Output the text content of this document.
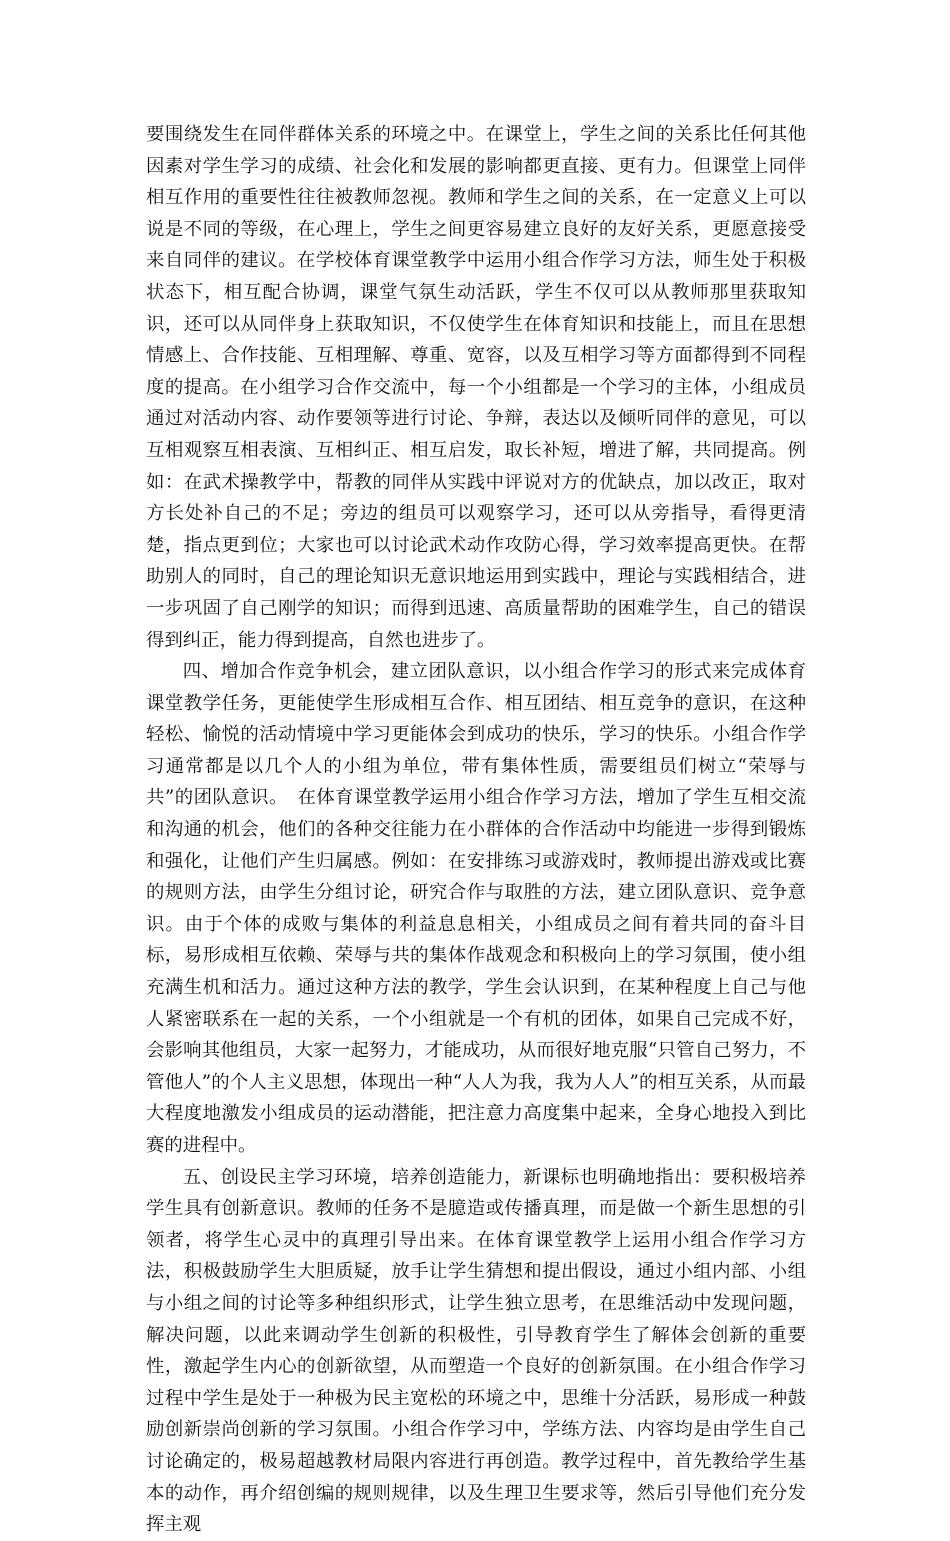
要围绕发生在同伴群体关系的环境之中。在课堂上，学生之间的关系比任何其他因素对学生学习的成绩、社会化和发展的影响都更直接、更有力。但课堂上同伴相互作用的重要性往往被教师忽视。教师和学生之间的关系，在一定意义上可以说是不同的等级，在心理上，学生之间更容易建立良好的友好关系，更愿意接受来自同伴的建议。在学校体育课堂教学中运用小组合作学习方法，师生处于积极状态下，相互配合协调，课堂气氛生动活跃，学生不仅可以从教师那里获取知识，还可以从同伴身上获取知识，不仅使学生在体育知识和技能上，而且在思想情感上、合作技能、互相理解、尊重、宽容，以及互相学习等方面都得到不同程度的提高。在小组学习合作交流中，每一个小组都是一个学习的主体，小组成员通过对活动内容、动作要领等进行讨论、争辩，表达以及倾听同伴的意见，可以互相观察互相表演、互相纠正、相互启发，取长补短，增进了解，共同提高。例如：在武术操教学中，帮教的同伴从实践中评说对方的优缺点，加以改正，取对方长处补自己的不足；旁边的组员可以观察学习，还可以从旁指导，看得更清楚，指点更到位；大家也可以讨论武术动作攻防心得，学习效率提高更快。在帮助别人的同时，自己的理论知识无意识地运用到实践中，理论与实践相结合，进一步巩固了自己刚学的知识；而得到迅速、高质量帮助的困难学生，自己的错误得到纠正，能力得到提高，自然也进步了。

四、增加合作竞争机会，建立团队意识，以小组合作学习的形式来完成体育课堂教学任务，更能使学生形成相互合作、相互团结、相互竞争的意识，在这种轻松、愉悦的活动情境中学习更能体会到成功的快乐，学习的快乐。小组合作学习通常都是以几个人的小组为单位，带有集体性质，需要组员们树立“荣辱与共”的团队意识。　在体育课堂教学运用小组合作学习方法，增加了学生互相交流和沟通的机会，他们的各种交往能力在小群体的合作活动中均能进一步得到锻炼和强化，让他们产生归属感。例如：在安排练习或游戏时，教师提出游戏或比赛的规则方法，由学生分组讨论，研究合作与取胜的方法，建立团队意识、竞争意识。由于个体的成败与集体的利益息息相关，小组成员之间有着共同的奋斗目标，易形成相互依赖、荣辱与共的集体作战观念和积极向上的学习氛围，使小组充满生机和活力。通过这种方法的教学，学生会认识到，在某种程度上自己与他人紧密联系在一起的关系，一个小组就是一个有机的团体，如果自己完成不好，会影响其他组员，大家一起努力，才能成功，从而很好地克服“只管自己努力，不管他人”的个人主义思想，体现出一种“人人为我，我为人人”的相互关系，从而最大程度地激发小组成员的运动潜能，把注意力高度集中起来，全身心地投入到比赛的进程中。

五、创设民主学习环境，培养创造能力，新课标也明确地指出：要积极培养学生具有创新意识。教师的任务不是臆造或传播真理，而是做一个新生思想的引领者，将学生心灵中的真理引导出来。在体育课堂教学上运用小组合作学习方法，积极鼓励学生大胆质疑，放手让学生猜想和提出假设，通过小组内部、小组与小组之间的讨论等多种组织形式，让学生独立思考，在思维活动中发现问题，解决问题，以此来调动学生创新的积极性，引导教育学生了解体会创新的重要性，激起学生内心的创新欲望，从而塑造一个良好的创新氛围。在小组合作学习过程中学生是处于一种极为民主宽松的环境之中，思维十分活跃，易形成一种鼓励创新崇尚创新的学习氛围。小组合作学习中，学练方法、内容均是由学生自己讨论确定的，极易超越教材局限内容进行再创造。教学过程中，首先教给学生基本的动作，再介绍创编的规则规律，以及生理卫生要求等，然后引导他们充分发挥主观
